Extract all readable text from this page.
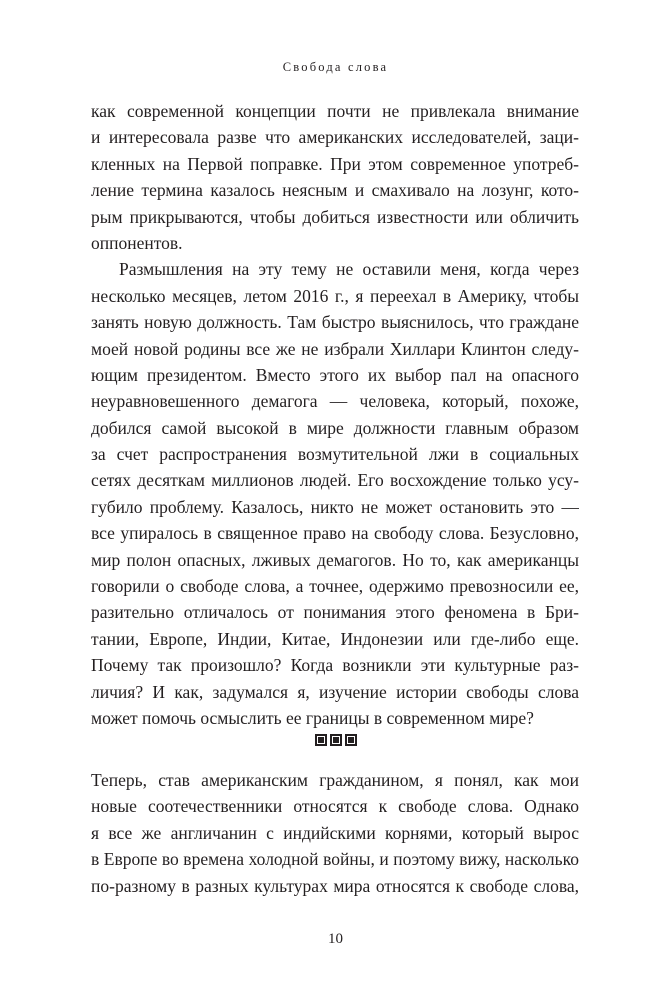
Свобода слова
как современной концепции почти не привлекала внимание
и интересовала разве что американских исследователей, заци-
кленных на Первой поправке. При этом современное употреб-
ление термина казалось неясным и смахивало на лозунг, кото-
рым прикрываются, чтобы добиться известности или обличить
оппонентов.
Размышления на эту тему не оставили меня, когда через
несколько месяцев, летом 2016 г., я переехал в Америку, чтобы
занять новую должность. Там быстро выяснилось, что граждане
моей новой родины все же не избрали Хиллари Клинтон следу-
ющим президентом. Вместо этого их выбор пал на опасного
неуравновешенного демагога — человека, который, похоже,
добился самой высокой в мире должности главным образом
за счет распространения возмутительной лжи в социальных
сетях десяткам миллионов людей. Его восхождение только усу-
губило проблему. Казалось, никто не может остановить это —
все упиралось в священное право на свободу слова. Безусловно,
мир полон опасных, лживых демагогов. Но то, как американцы
говорили о свободе слова, а точнее, одержимо превозносили ее,
разительно отличалось от понимания этого феномена в Бри-
тании, Европе, Индии, Китае, Индонезии или где-либо еще.
Почему так произошло? Когда возникли эти культурные раз-
личия? И как, задумался я, изучение истории свободы слова
может помочь осмыслить ее границы в современном мире?
Теперь, став американским гражданином, я понял, как мои
новые соотечественники относятся к свободе слова. Однако
я все же англичанин с индийскими корнями, который вырос
в Европе во времена холодной войны, и поэтому вижу, насколько
по-разному в разных культурах мира относятся к свободе слова,
10
